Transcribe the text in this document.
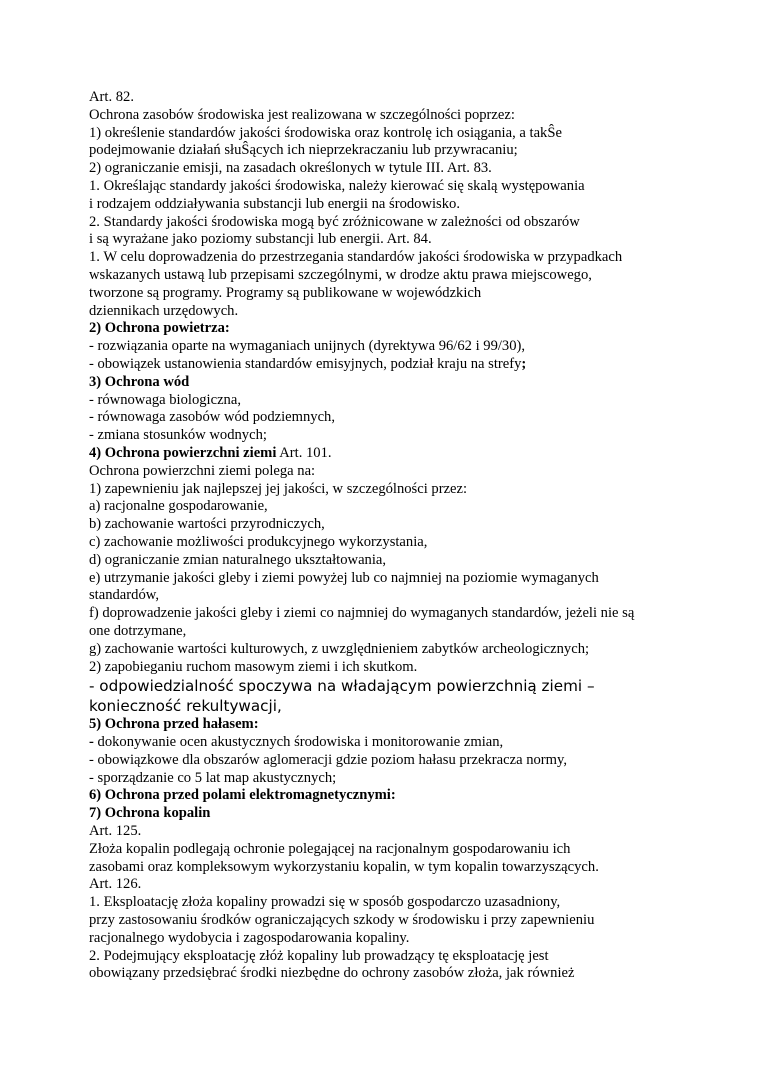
Art. 82.
Ochrona zasobów środowiska jest realizowana w szczególności poprzez:
1) określenie standardów jakości środowiska oraz kontrolę ich osiągania, a takŜe
podejmowanie działań słuŜących ich nieprzekraczaniu lub przywracaniu;
2) ograniczanie emisji, na zasadach określonych w tytule III. Art. 83.
1. Określając standardy jakości środowiska, należy kierować się skalą występowania
i rodzajem oddziaływania substancji lub energii na środowisko.
2. Standardy jakości środowiska mogą być zróżnicowane w zależności od obszarów
i są wyrażane jako poziomy substancji lub energii. Art. 84.
1. W celu doprowadzenia do przestrzegania standardów jakości środowiska w przypadkach
wskazanych ustawą lub przepisami szczególnymi, w drodze aktu prawa miejscowego,
tworzone są programy. Programy są publikowane w wojewódzkich
dziennikach urzędowych.
2) Ochrona powietrza:
- rozwiązania oparte na wymaganiach unijnych (dyrektywa 96/62 i 99/30),
- obowiązek ustanowienia standardów emisyjnych, podział kraju na strefy;
3) Ochrona wód
- równowaga biologiczna,
- równowaga zasobów wód podziemnych,
- zmiana stosunków wodnych;
4) Ochrona powierzchni ziemi Art. 101.
Ochrona powierzchni ziemi polega na:
1) zapewnieniu jak najlepszej jej jakości, w szczególności przez:
a) racjonalne gospodarowanie,
b) zachowanie wartości przyrodniczych,
c) zachowanie możliwości produkcyjnego wykorzystania,
d) ograniczanie zmian naturalnego ukształtowania,
e) utrzymanie jakości gleby i ziemi powyżej lub co najmniej na poziomie wymaganych
standardów,
f) doprowadzenie jakości gleby i ziemi co najmniej do wymaganych standardów, jeżeli nie są
one dotrzymane,
g) zachowanie wartości kulturowych, z uwzględnieniem zabytków archeologicznych;
2) zapobieganiu ruchom masowym ziemi i ich skutkom.
- odpowiedzialność spoczywa na władającym powierzchnią ziemi –
konieczność rekultywacji,
5) Ochrona przed hałasem:
- dokonywanie ocen akustycznych środowiska i monitorowanie zmian,
- obowiązkowe dla obszarów aglomeracji gdzie poziom hałasu przekracza normy,
- sporządzanie co 5 lat map akustycznych;
6) Ochrona przed polami elektromagnetycznymi:
7) Ochrona kopalin
Art. 125.
Złoża kopalin podlegają ochronie polegającej na racjonalnym gospodarowaniu ich
zasobami oraz kompleksowym wykorzystaniu kopalin, w tym kopalin towarzyszących.
Art. 126.
1. Eksploatację złoża kopaliny prowadzi się w sposób gospodarczo uzasadniony,
przy zastosowaniu środków ograniczających szkody w środowisku i przy zapewnieniu
racjonalnego wydobycia i zagospodarowania kopaliny.
2. Podejmujący eksploatację złóż kopaliny lub prowadzący tę eksploatację jest
obowiązany przedsiębrać środki niezbędne do ochrony zasobów złoża, jak również
